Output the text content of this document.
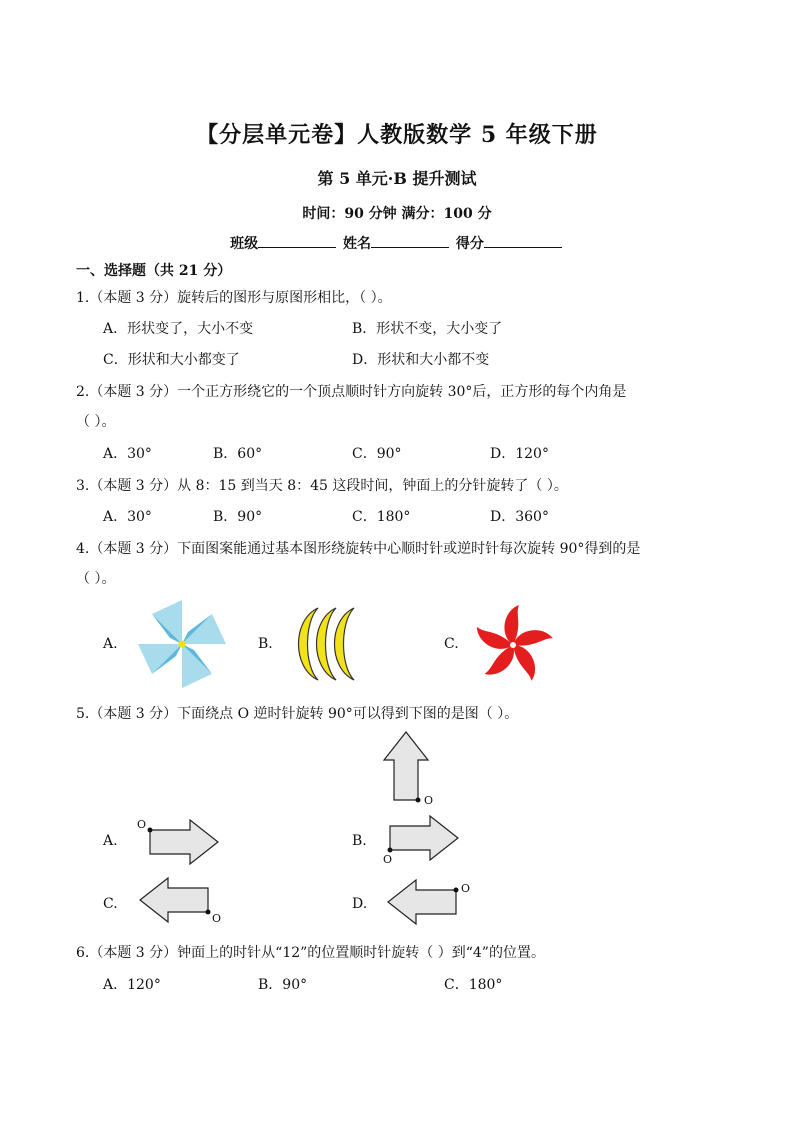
【分层单元卷】人教版数学 5 年级下册
第 5 单元·B 提升测试
时间：90 分钟 满分：100 分
班级	姓名	得分
一、选择题（共 21 分）
1.（本题 3 分）旋转后的图形与原图形相比，（ ）。
A．形状变了，大小不变	B．形状不变，大小变了
C．形状和大小都变了	D．形状和大小都不变
2.（本题 3 分）一个正方形绕它的一个顶点顺时针方向旋转 30°后，正方形的每个内角是
（ ）。
A．30°	B．60°	C．90°	D．120°
3.（本题 3 分）从 8：15 到当天 8：45 这段时间，钟面上的分针旋转了（ ）。
A．30°	B．90°	C．180°	D．360°
4.（本题 3 分）下面图案能通过基本图形绕旋转中心顺时针或逆时针每次旋转 90°得到的是
（ ）。
A.	B.	C.
5.（本题 3 分）下面绕点 O 逆时针旋转 90°可以得到下图的是图（ ）。
O
A.
O
B.
O
C.
O
D.
O
6.（本题 3 分）钟面上的时针从“12”的位置顺时针旋转（ ）到“4”的位置。
A．120°	B．90°	C．180°
